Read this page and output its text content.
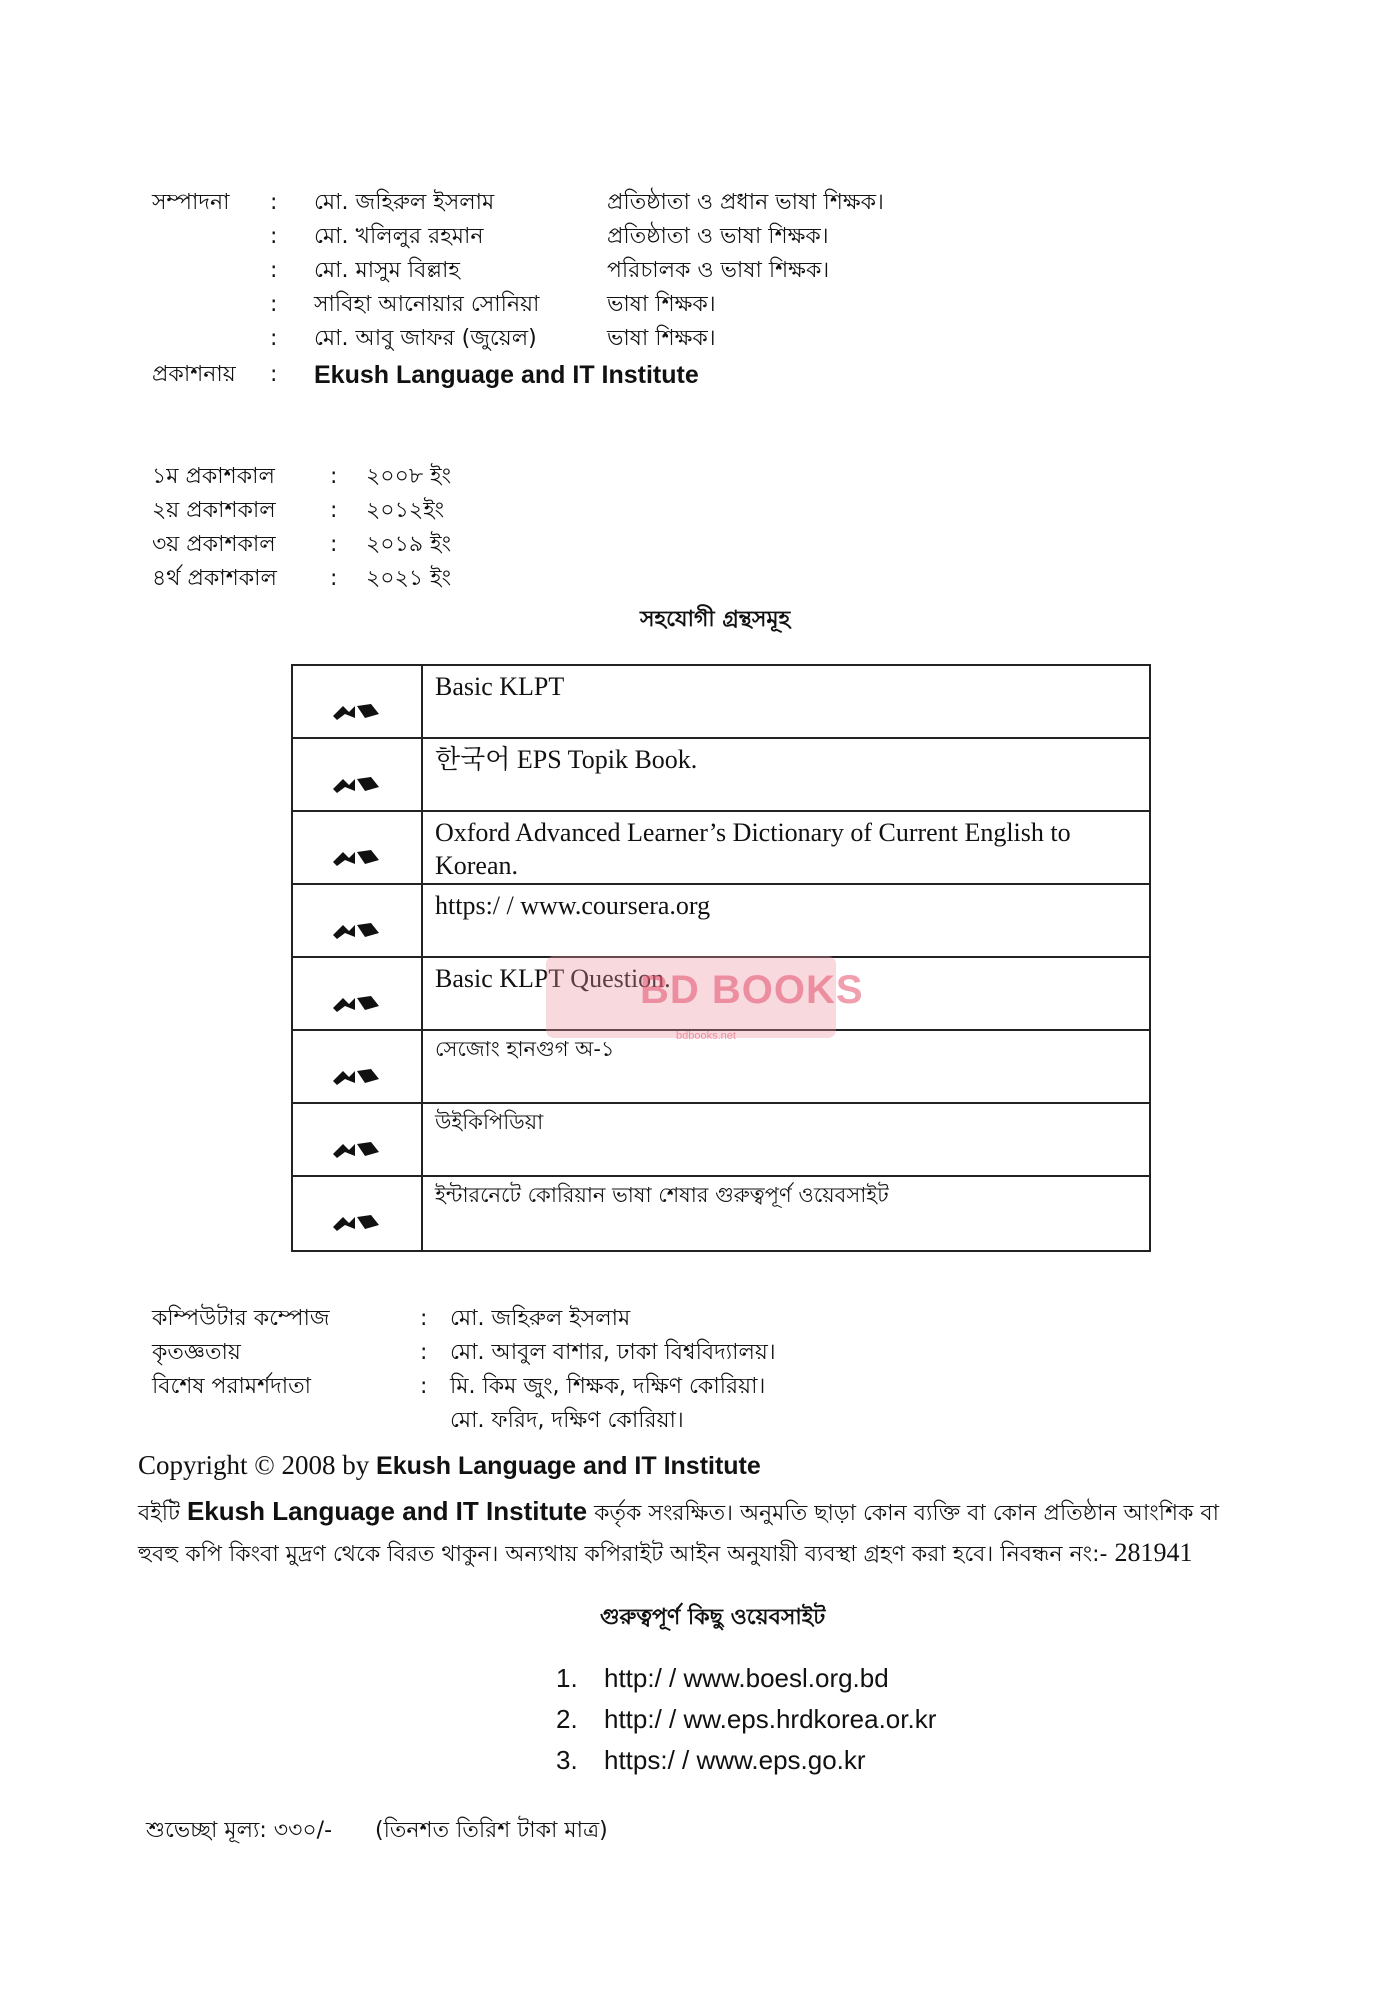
সম্পাদনা : মো. জহিরুল ইসলাম	প্রতিষ্ঠাতা ও প্রধান ভাষা শিক্ষক।
: মো. খলিলুর রহমান	প্রতিষ্ঠাতা ও ভাষা শিক্ষক।
: মো. মাসুম বিল্লাহ	পরিচালক ও ভাষা শিক্ষক।
: সাবিহা আনোয়ার সোনিয়া	ভাষা শিক্ষক।
: মো. আবু জাফর (জুয়েল)	ভাষা শিক্ষক।
প্রকাশনায় : Ekush Language and IT Institute
১ম প্রকাশকাল	: ২০০৮ ইং
২য় প্রকাশকাল : ২০১২ইং
৩য় প্রকাশকাল : ২০১৯ ইং
৪র্থ প্রকাশকাল : ২০২১ ইং
সহযোগী গ্রন্থসমূহ
Basic KLPT
한국어 EPS Topik Book.
Oxford Advanced Learner’s Dictionary of Current English to Korean.
https:/ / www.coursera.org
Basic KLPT Question.
সেজোং হানগুগ অ-১
উইকিপিডিয়া
ইন্টারনেটে কোরিয়ান ভাষা শেষার গুরুত্বপূর্ণ ওয়েবসাইট
BD BOOKS
bdbooks.net
কম্পিউটার কম্পোজ	: মো. জহিরুল ইসলাম
কৃতজ্ঞতায়	: মো. আবুল বাশার, ঢাকা বিশ্ববিদ্যালয়।
বিশেষ পরামর্শদাতা	: মি. কিম জুং, শিক্ষক, দক্ষিণ কোরিয়া।
মো. ফরিদ, দক্ষিণ কোরিয়া।
Copyright © 2008 by Ekush Language and IT Institute
বইটি Ekush Language and IT Institute কর্তৃক সংরক্ষিত। অনুমতি ছাড়া কোন ব্যক্তি বা কোন প্রতিষ্ঠান আংশিক বা
হুবহু কপি কিংবা মুদ্রণ থেকে বিরত থাকুন। অন্যথায় কপিরাইট আইন অনুযায়ী ব্যবস্থা গ্রহণ করা হবে। নিবন্ধন নং:- 281941
গুরুত্বপূর্ণ কিছু ওয়েবসাইট
1. http:/ / www.boesl.org.bd
2. http:/ / ww.eps.hrdkorea.or.kr
3. https:/ / www.eps.go.kr
শুভেচ্ছা মূল্য: ৩৩০/- (তিনশত তিরিশ টাকা মাত্র)
